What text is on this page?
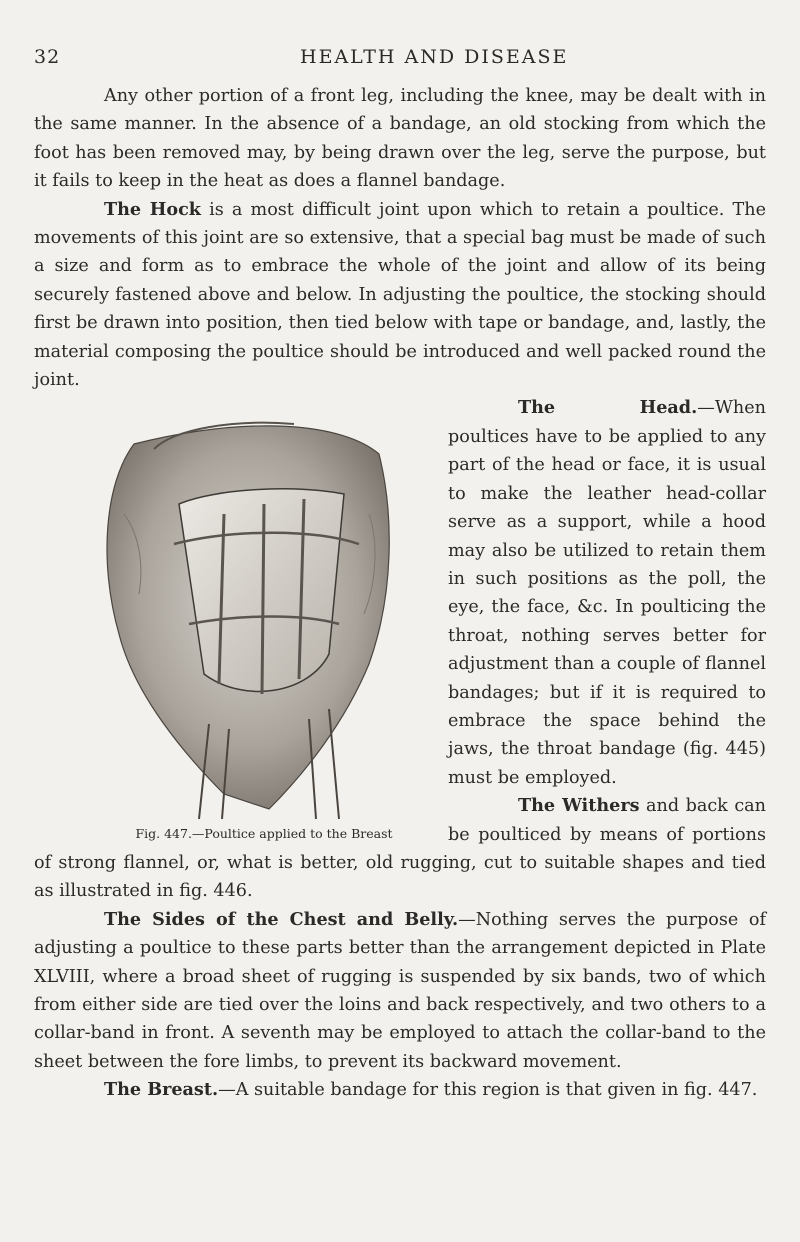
32	HEALTH AND DISEASE

Any other portion of a front leg, including the knee, may be dealt with in the same manner. In the absence of a bandage, an old stocking from which the foot has been removed may, by being drawn over the leg, serve the purpose, but it fails to keep in the heat as does a flannel bandage.

The Hock is a most difficult joint upon which to retain a poultice. The movements of this joint are so extensive, that a special bag must be made of such a size and form as to embrace the whole of the joint and allow of its being securely fastened above and below. In adjusting the poultice, the stocking should first be drawn into position, then tied below with tape or bandage, and, lastly, the material composing the poultice should be introduced and well packed round the joint.

Fig. 447.—Poultice applied to the Breast

The Head.—When poultices have to be applied to any part of the head or face, it is usual to make the leather head-collar serve as a support, while a hood may also be utilized to retain them in such positions as the poll, the eye, the face, &c. In poulticing the throat, nothing serves better for adjustment than a couple of flannel bandages; but if it is required to embrace the space behind the jaws, the throat bandage (fig. 445) must be employed.

The Withers and back can be poulticed by means of portions of strong flannel, or, what is better, old rugging, cut to suitable shapes and tied as illustrated in fig. 446.

The Sides of the Chest and Belly.—Nothing serves the purpose of adjusting a poultice to these parts better than the arrangement depicted in Plate XLVIII, where a broad sheet of rugging is suspended by six bands, two of which from either side are tied over the loins and back respectively, and two others to a collar-band in front. A seventh may be employed to attach the collar-band to the sheet between the fore limbs, to prevent its backward movement.

The Breast.—A suitable bandage for this region is that given in fig. 447.
